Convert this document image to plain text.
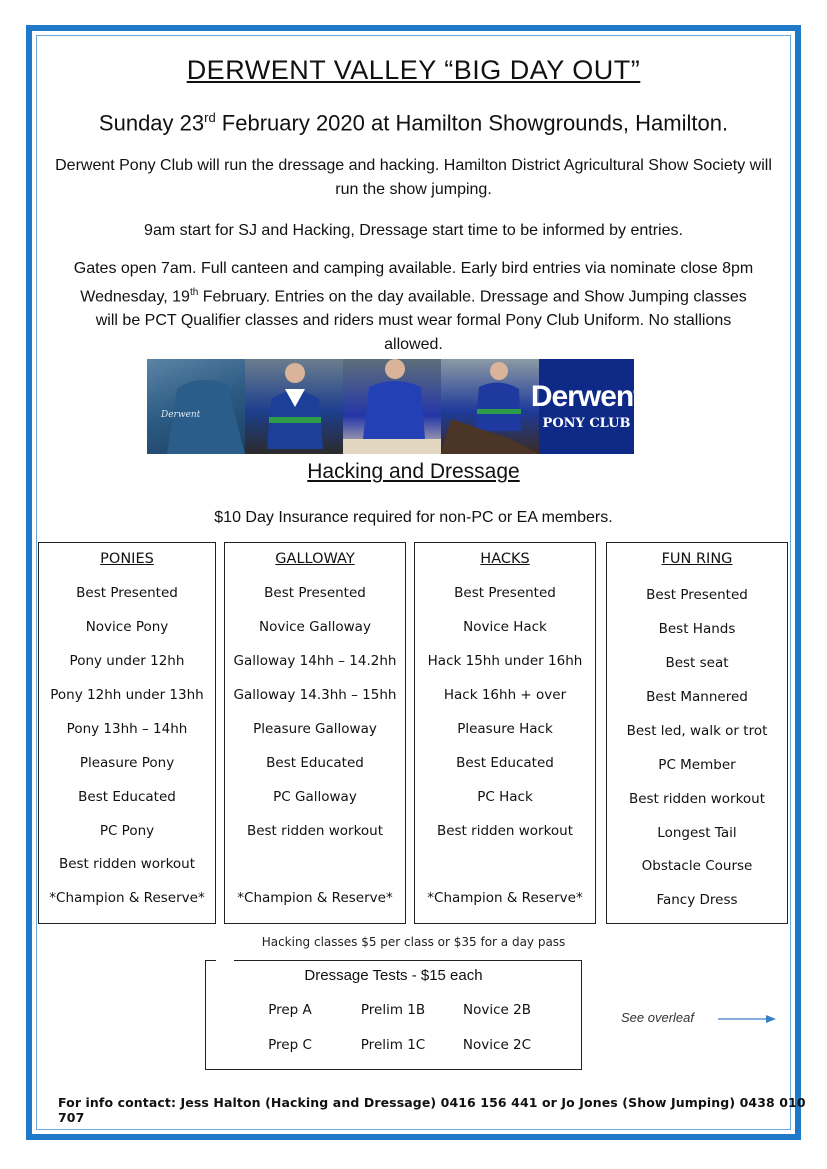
DERWENT VALLEY “BIG DAY OUT”
Sunday 23rd February 2020 at Hamilton Showgrounds, Hamilton.
Derwent Pony Club will run the dressage and hacking. Hamilton District Agricultural Show Society will
run the show jumping.
9am start for SJ and Hacking, Dressage start time to be informed by entries.
Gates open 7am. Full canteen and camping available. Early bird entries via nominate close 8pm
Wednesday, 19th February. Entries on the day available. Dressage and Show Jumping classes
will be PCT Qualifier classes and riders must wear formal Pony Club Uniform. No stallions
allowed.
Derwent
Derwent
PONY CLUB
Hacking and Dressage
$10 Day Insurance required for non-PC or EA members.
PONIES
Best Presented
Novice Pony
Pony under 12hh
Pony 12hh under 13hh
Pony 13hh – 14hh
Pleasure Pony
Best Educated
PC Pony
Best ridden workout
*Champion & Reserve*
GALLOWAY
Best Presented
Novice Galloway
Galloway 14hh – 14.2hh
Galloway 14.3hh – 15hh
Pleasure Galloway
Best Educated
PC Galloway
Best ridden workout
*Champion & Reserve*
HACKS
Best Presented
Novice Hack
Hack 15hh under 16hh
Hack 16hh + over
Pleasure Hack
Best Educated
PC Hack
Best ridden workout
*Champion & Reserve*
FUN RING
Best Presented
Best Hands
Best seat
Best Mannered
Best led, walk or trot
PC Member
Best ridden workout
Longest Tail
Obstacle Course
Fancy Dress
Hacking classes $5 per class or $35 for a day pass
Dressage Tests - $15 each
Prep A	Prelim 1B	Novice 2B
Prep C	Prelim 1C	Novice 2C
See overleaf
For info contact: Jess Halton (Hacking and Dressage) 0416 156 441 or Jo Jones (Show Jumping) 0438 010 707
